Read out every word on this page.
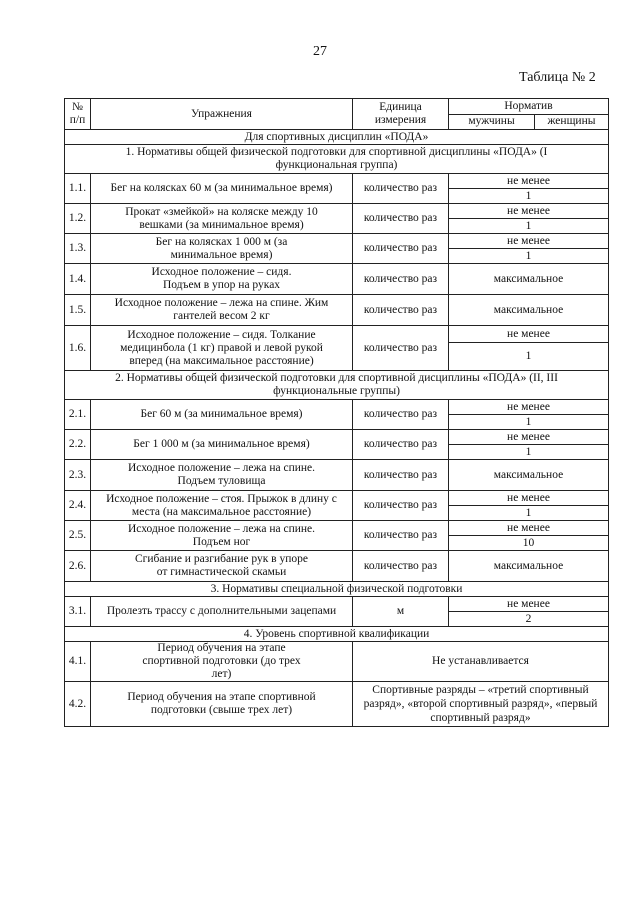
27
Таблица № 2
№ п/п	Упражнения	Единица измерения	Норматив	
			мужчины	женщины
Для спортивных дисциплин «ПОДА»				
1. Нормативы общей физической подготовки для спортивной дисциплины «ПОДА» (I функциональная группа)				
1.1.	Бег на колясках 60 м (за минимальное время)	количество раз	не менее	
			1	
1.2.	Прокат «змейкой» на коляске между 10 вешками (за минимальное время)	количество раз	не менее	
			1	
1.3.	Бег на колясках 1 000 м (за минимальное время)	количество раз	не менее	
			1	
1.4.	Исходное положение – сидя. Подъем в упор на руках	количество раз	максимальное	
1.5.	Исходное положение – лежа на спине. Жим гантелей весом 2 кг	количество раз	максимальное	
1.6.	Исходное положение – сидя. Толкание медицинбола (1 кг) правой и левой рукой вперед (на максимальное расстояние)	количество раз	не менее	
			1	
2. Нормативы общей физической подготовки для спортивной дисциплины «ПОДА» (II, III функциональные группы)				
2.1.	Бег 60 м (за минимальное время)	количество раз	не менее	
			1	
2.2.	Бег 1 000 м (за минимальное время)	количество раз	не менее	
			1	
2.3.	Исходное положение – лежа на спине. Подъем туловища	количество раз	максимальное	
2.4.	Исходное положение – стоя. Прыжок в длину с места (на максимальное расстояние)	количество раз	не менее	
			1	
2.5.	Исходное положение – лежа на спине. Подъем ног	количество раз	не менее	
			10	
2.6.	Сгибание и разгибание рук в упоре от гимнастической скамьи	количество раз	максимальное	
3. Нормативы специальной физической подготовки				
3.1.	Пролезть трассу с дополнительными зацепами	м	не менее	
			2	
4. Уровень спортивной квалификации				
4.1.	Период обучения на этапе спортивной подготовки (до трех лет)	Не устанавливается		
4.2.	Период обучения на этапе спортивной подготовки (свыше трех лет)	Спортивные разряды – «третий спортивный разряд», «второй спортивный разряд», «первый спортивный разряд»		
